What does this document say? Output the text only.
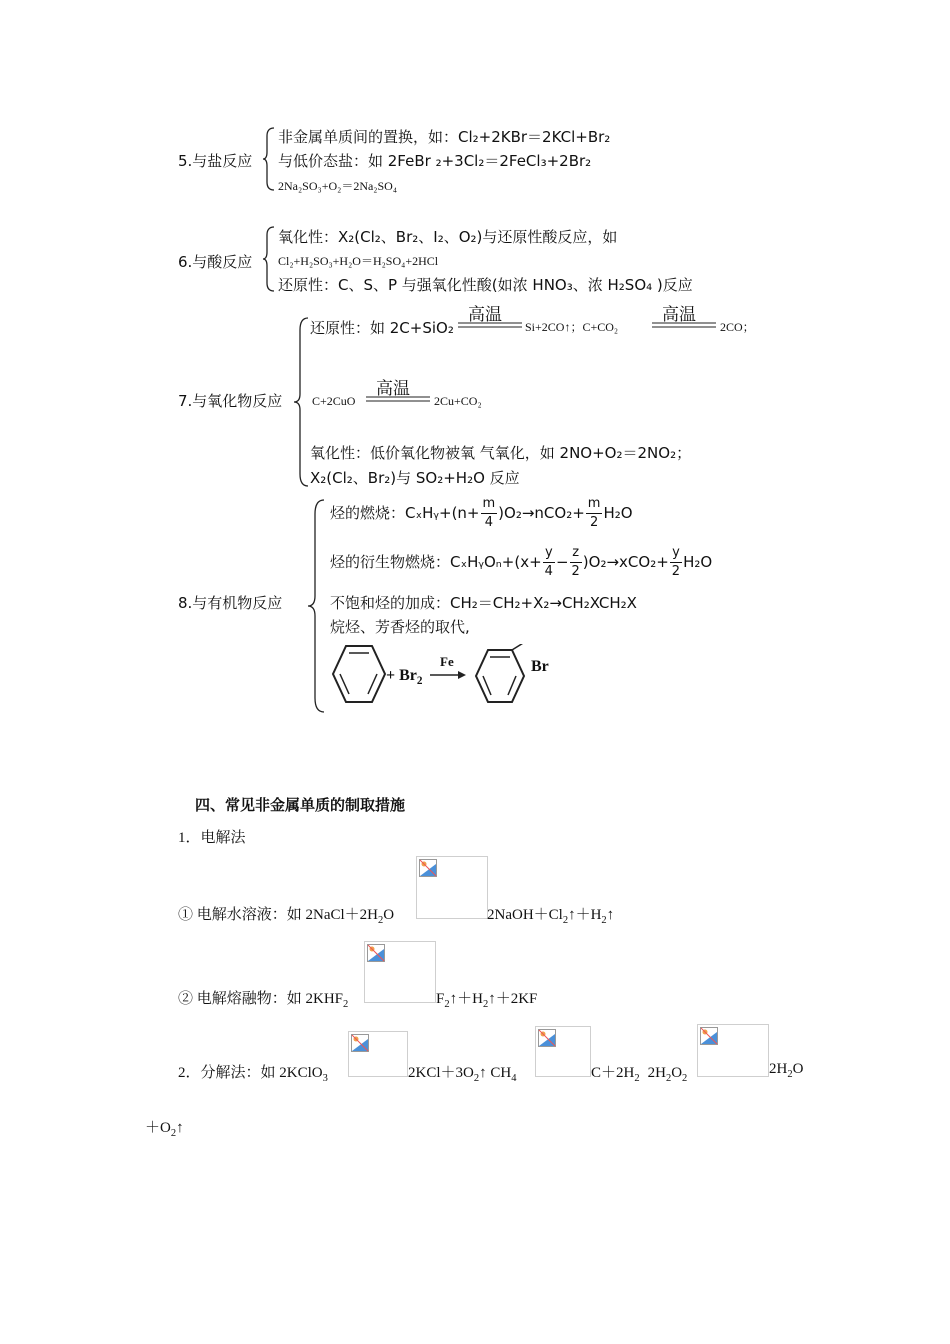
5.与盐反应
非金属单质间的置换，如：Cl₂+2KBr＝2KCl+Br₂
与低价态盐：如 2FeBr ₂+3Cl₂＝2FeCl₃+2Br₂
2Na₂SO₃+O₂＝2Na₂SO₄
6.与酸反应
氧化性：X₂(Cl₂、Br₂、I₂、O₂)与还原性酸反应，如
Cl₂+H₂SO₃+H₂O＝H₂SO₄+2HCl
还原性：C、S、P 与强氧化性酸(如浓 HNO₃、浓 H₂SO₄ )反应
7.与氧化物反应
还原性：如 2C+SiO₂
高温
Si+2CO↑；C+CO₂
高温
2CO；
C+2CuO
高温
2Cu+CO₂
氧化性：低价氧化物被氧 气氧化，如 2NO+O₂＝2NO₂；
X₂(Cl₂、Br₂)与 SO₂+H₂O 反应
8.与有机物反应
烃的燃烧：CₓHᵧ+(n+ $\frac{m}{4} )O_2\to nCO_2+ \frac{m}{2} H_2O$
烃的衍生物燃烧：CₓHᵧOₙ+(x+ $\frac{y}{4} - \frac{z}{2} )O_2\to xCO_2+ \frac{y}{2} H_2O$
不饱和烃的加成：CH₂＝CH₂+X₂→CH₂XCH₂X
烷烃、芳香烃的取代,
+ $Br_2$
Fe	Br
四、常见非金属单质的制取措施
1．电解法
① 电解水溶液：如 $2NaCl+2H_2O$	$2NaOH+Cl_2↑+H_2↑$
② 电解熔融物：如 $2KHF_2$	$F_2↑+H_2↑+2KF$
2．分解法：如 2KClO$_3$	$2KCl+3O_2↑$ $CH_4$	$C+2H_2$ $2H_2O_2$
$2H_2O$
$+O_2↑$
